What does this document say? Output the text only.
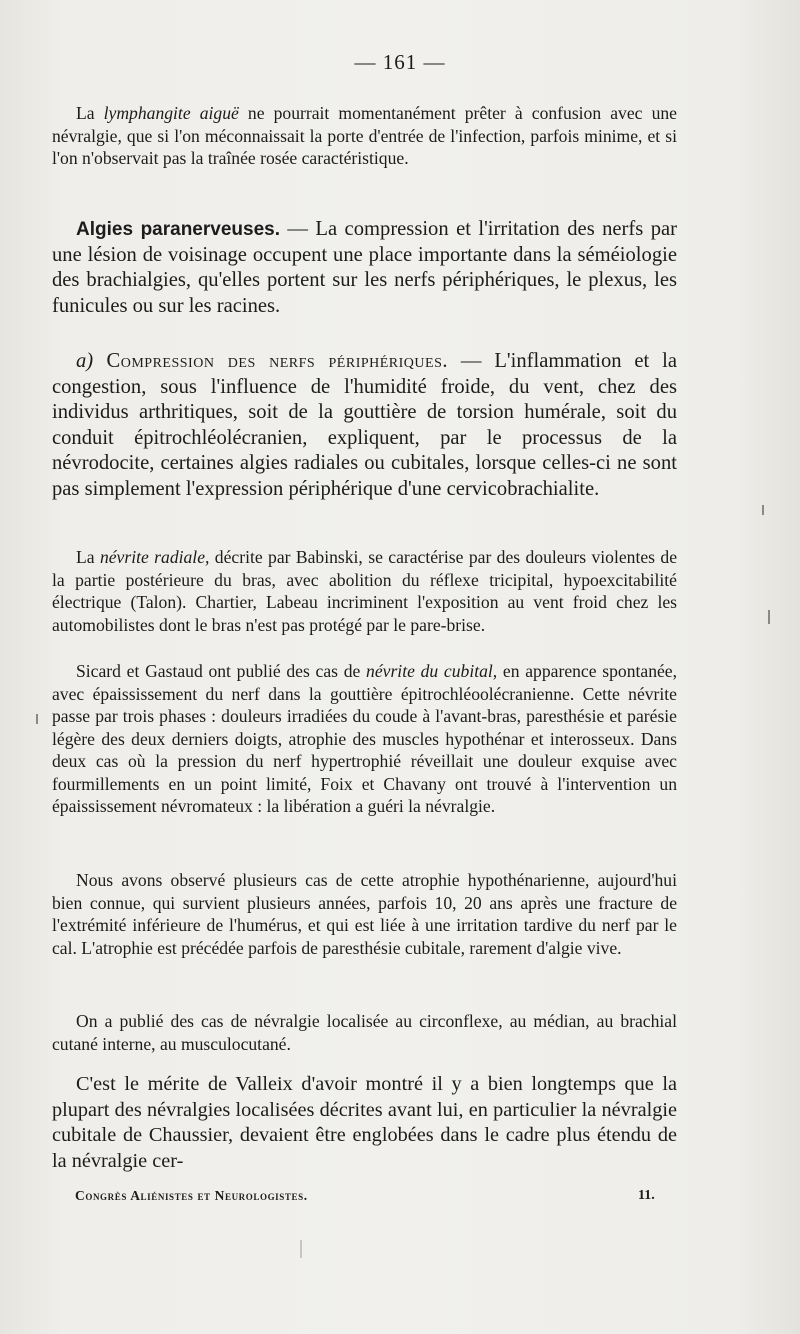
— 161 —

La lymphangite aiguë ne pourrait momentanément prêter à confusion avec une névralgie, que si l'on méconnaissait la porte d'entrée de l'infection, parfois minime, et si l'on n'observait pas la traînée rosée caractéristique.

Algies paranerveuses. — La compression et l'irritation des nerfs par une lésion de voisinage occupent une place importante dans la séméiologie des brachialgies, qu'elles portent sur les nerfs périphériques, le plexus, les funicules ou sur les racines.

a) Compression des nerfs périphériques. — L'inflammation et la congestion, sous l'influence de l'humidité froide, du vent, chez des individus arthritiques, soit de la gouttière de torsion humérale, soit du conduit épitrochléolécranien, expliquent, par le processus de la névrodocite, certaines algies radiales ou cubitales, lorsque celles-ci ne sont pas simplement l'expression périphérique d'une cervicobrachialite.

La névrite radiale, décrite par Babinski, se caractérise par des douleurs violentes de la partie postérieure du bras, avec abolition du réflexe tricipital, hypoexcitabilité électrique (Talon). Chartier, Labeau incriminent l'exposition au vent froid chez les automobilistes dont le bras n'est pas protégé par le pare-brise.

Sicard et Gastaud ont publié des cas de névrite du cubital, en apparence spontanée, avec épaississement du nerf dans la gouttière épitrochléoolécranienne. Cette névrite passe par trois phases : douleurs irradiées du coude à l'avant-bras, paresthésie et parésie légère des deux derniers doigts, atrophie des muscles hypothénar et interosseux. Dans deux cas où la pression du nerf hypertrophié réveillait une douleur exquise avec fourmillements en un point limité, Foix et Chavany ont trouvé à l'intervention un épaississement névromateux : la libération a guéri la névralgie.

Nous avons observé plusieurs cas de cette atrophie hypothénarienne, aujourd'hui bien connue, qui survient plusieurs années, parfois 10, 20 ans après une fracture de l'extrémité inférieure de l'humérus, et qui est liée à une irritation tardive du nerf par le cal. L'atrophie est précédée parfois de paresthésie cubitale, rarement d'algie vive.

On a publié des cas de névralgie localisée au circonflexe, au médian, au brachial cutané interne, au musculocutané.

C'est le mérite de Valleix d'avoir montré il y a bien longtemps que la plupart des névralgies localisées décrites avant lui, en particulier la névralgie cubitale de Chaussier, devaient être englobées dans le cadre plus étendu de la névralgie cer-

Congrès Aliénistes et Neurologistes.	11.
